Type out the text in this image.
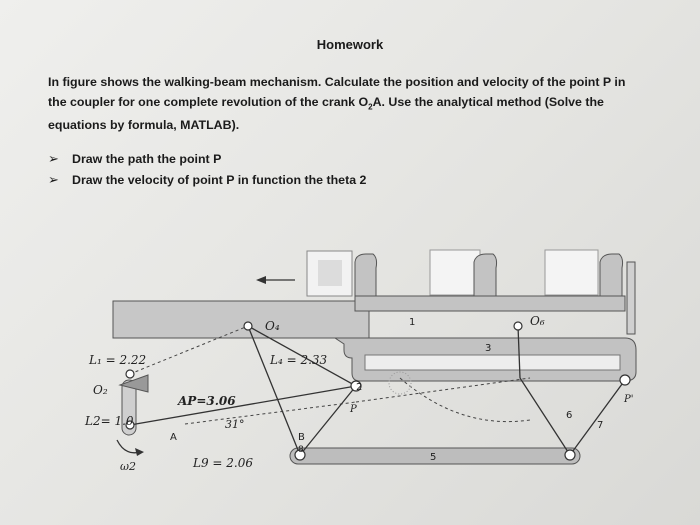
Homework
In figure shows the walking-beam mechanism. Calculate the position and velocity of the point P in
the coupler for one complete revolution of the crank $O_2A$. Use the analytical method (Solve the
equations by formula, MATLAB).
➢	Draw the path the point P
➢	Draw the velocity of point P in function the theta 2
L₁ = 2.22	L₄ = 2.33
AP=3.06
L2= 1.0
L9 = 2.06
31°
O₂
O₄	O₆
A	B
P
P'
ω2
1
2
3
5
6
7
8
